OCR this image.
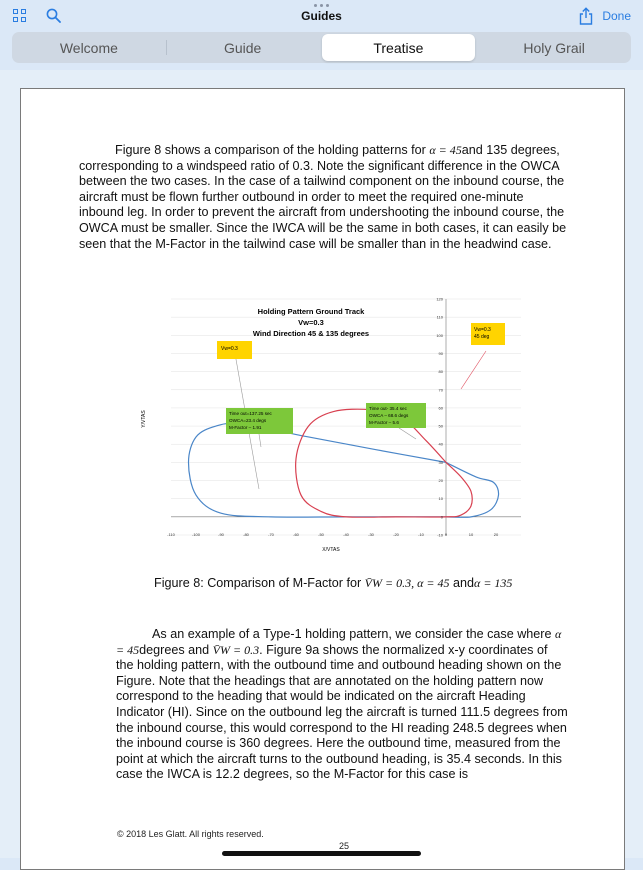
Guides	Done
Welcome	Guide	Treatise	Holy Grail
Figure 8 shows a comparison of the holding patterns for α = 45and 135 degrees, corresponding to a windspeed ratio of 0.3. Note the significant difference in the OWCA between the two cases. In the case of a tailwind component on the inbound course, the aircraft must be flown further outbound in order to meet the required one-minute inbound leg. In order to prevent the aircraft from undershooting the inbound course, the OWCA must be smaller. Since the IWCA will be the same in both cases, it can easily be seen that the M-Factor in the tailwind case will be smaller than in the headwind case.
-10
0
10
20
30
40
50
60
70
80
90
100
110
120
-110	-100	-90	-80	-70	-60	-50	-40	-30	-20	-10	0	10	20
Holding Pattern Ground Track
Vw=0.3
Wind Direction 45 & 135 degrees
X/VTAS
Y/VTAS
Vw=0.3
Vw=0.3
45 deg
Time out=137.25 sec
OWCA=23.4 degs
M-Factor – 1.91
Time out- 35.4 sec
OWCA – 68.6 degs
M-Factor – 5.6
Figure 8: Comparison of M-Factor for V̄W = 0.3, α = 45 andα = 135
As an example of a Type-1 holding pattern, we consider the case where α = 45degrees and V̄W = 0.3. Figure 9a shows the normalized x-y coordinates of the holding pattern, with the outbound time and outbound heading shown on the Figure. Note that the headings that are annotated on the holding pattern now correspond to the heading that would be indicated on the aircraft Heading Indicator (HI). Since on the outbound leg the aircraft is turned 111.5 degrees from the inbound course, this would correspond to the HI reading 248.5 degrees when the inbound course is 360 degrees. Here the outbound time, measured from the point at which the aircraft turns to the outbound heading, is 35.4 seconds. In this case the IWCA is 12.2 degrees, so the M-Factor for this case is
© 2018 Les Glatt. All rights reserved.
25
